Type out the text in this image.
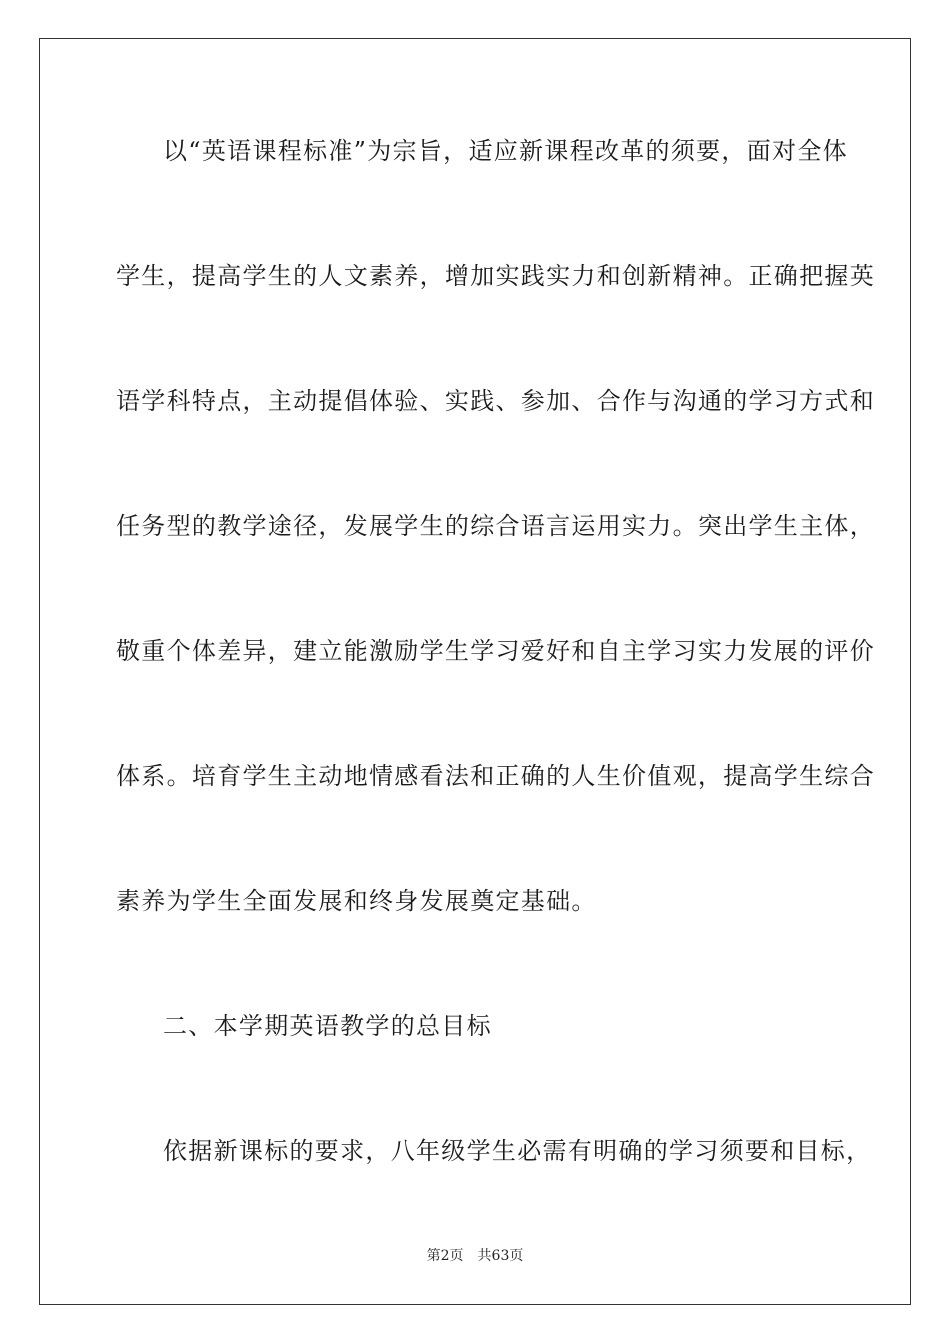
以“英语课程标准”为宗旨，适应新课程改革的须要，面对全体
学生，提高学生的人文素养，增加实践实力和创新精神。正确把握英
语学科特点，主动提倡体验、实践、参加、合作与沟通的学习方式和
任务型的教学途径，发展学生的综合语言运用实力。突出学生主体，
敬重个体差异，建立能激励学生学习爱好和自主学习实力发展的评价
体系。培育学生主动地情感看法和正确的人生价值观，提高学生综合
素养为学生全面发展和终身发展奠定基础。
二、本学期英语教学的总目标
依据新课标的要求，八年级学生必需有明确的学习须要和目标，
第2页 共63页
